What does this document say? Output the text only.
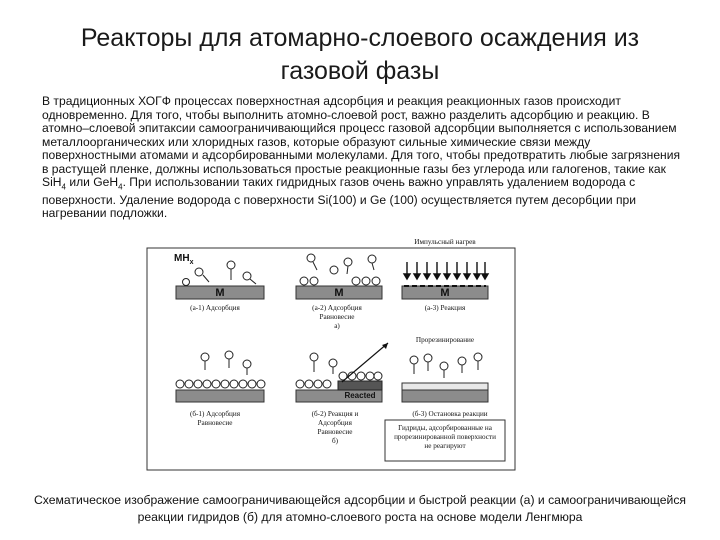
Реакторы для атомарно-слоевого осаждения из
газовой фазы
В традиционных ХОГФ процессах поверхностная адсорбция и реакция реакционных газов происходит одновременно. Для того, чтобы выполнить атомно-слоевой рост, важно разделить адсорбцию и реакцию. В атомно–слоевой эпитаксии самоограничивающийся процесс газовой адсорбции выполняется с использованием металлоорганических или хлоридных газов, которые образуют сильные химические связи между поверхностными атомами и адсорбированными молекулами. Для того, чтобы предотвратить любые загрязнения в растущей пленке, должны использоваться простые реакционные газы без углерода или галогенов, такие как SiH$_4$ или GeH$_4$. При использовании таких гидридных газов очень важно управлять удалением водорода с поверхности. Удаление водорода с поверхности Si(100) и Ge (100) осуществляется путем десорбции при нагревании подложки.
Импульсный нагрев
$MH_x$
M	M	M
Reacted
(а-1) Адсорбция	(а-2) Адсорбция
Равновесие
а)
(а-3) Реакция
Прорезинирование
(б-1) Адсорбция
Равновесие
(б-2) Реакция и
Адсорбция
Равновесие
б)
(б-3) Остановка реакции
Гидриды, адсорбированные на
прорезинированной поверхности
не реагируют
Схематическое изображение самоограничивающейся адсорбции и быстрой реакции (а) и самоограничивающейся реакции гидридов (б) для атомно-слоевого роста на основе модели Ленгмюра
